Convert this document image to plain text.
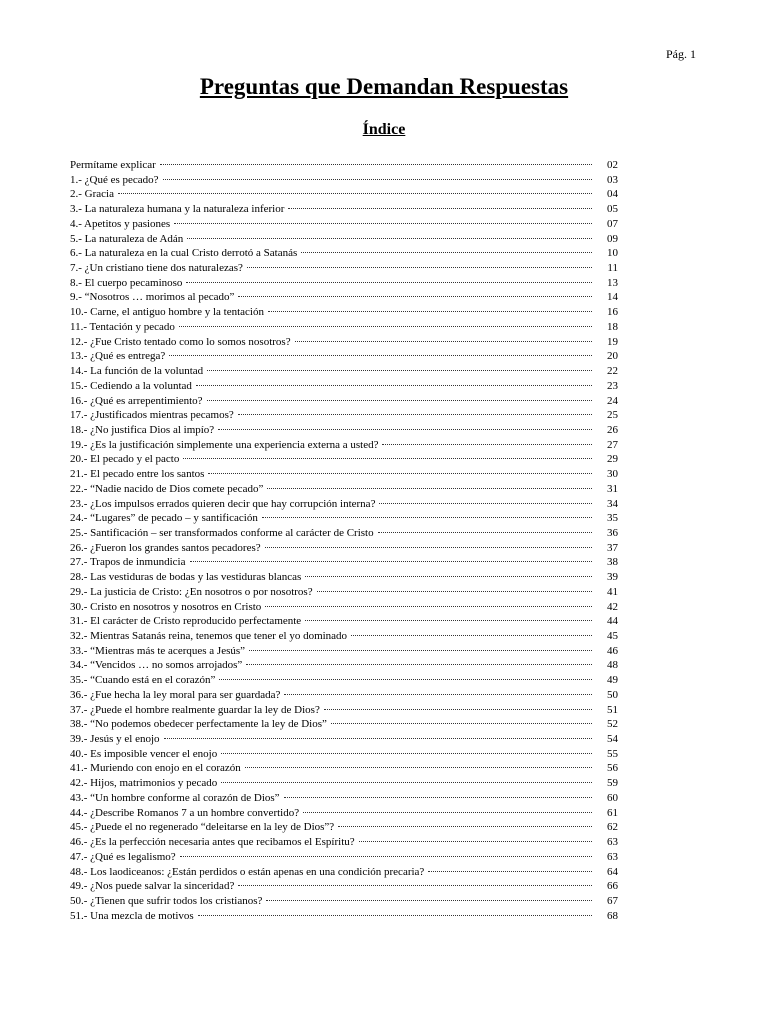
Pág. 1
Preguntas que Demandan Respuestas
Índice
Permítame explicar	02
1.- ¿Qué es pecado?	03
2.- Gracia	04
3.- La naturaleza humana y la naturaleza inferior	05
4.- Apetitos y pasiones	07
5.- La naturaleza de Adán	09
6.- La naturaleza en la cual Cristo derrotó a Satanás	10
7.- ¿Un cristiano tiene dos naturalezas?	11
8.- El cuerpo pecaminoso	13
9.- “Nosotros … morimos al pecado”	14
10.- Carne, el antiguo hombre y la tentación	16
11.- Tentación y pecado	18
12.- ¿Fue Cristo tentado como lo somos nosotros?	19
13.- ¿Qué es entrega?	20
14.- La función de la voluntad	22
15.- Cediendo a la voluntad	23
16.- ¿Qué es arrepentimiento?	24
17.- ¿Justificados mientras pecamos?	25
18.- ¿No justifica Dios al impío?	26
19.- ¿Es la justificación simplemente una experiencia externa a usted?	27
20.- El pecado y el pacto	29
21.- El pecado entre los santos	30
22.- “Nadie nacido de Dios comete pecado”	31
23.- ¿Los impulsos errados quieren decir que hay corrupción interna?	34
24.- “Lugares” de pecado – y santificación	35
25.- Santificación – ser transformados conforme al carácter de Cristo	36
26.- ¿Fueron los grandes santos pecadores?	37
27.- Trapos de inmundicia	38
28.- Las vestiduras de bodas y las vestiduras blancas	39
29.- La justicia de Cristo: ¿En nosotros o por nosotros?	41
30.- Cristo en nosotros y nosotros en Cristo	42
31.- El carácter de Cristo reproducido perfectamente	44
32.- Mientras Satanás reina, tenemos que tener el yo dominado	45
33.- “Mientras más te acerques a Jesús”	46
34.- “Vencidos … no somos arrojados”	48
35.- “Cuando está en el corazón”	49
36.- ¿Fue hecha la ley moral para ser guardada?	50
37.- ¿Puede el hombre realmente guardar la ley de Dios?	51
38.- “No podemos obedecer perfectamente la ley de Dios”	52
39.- Jesús y el enojo	54
40.- Es imposible vencer el enojo	55
41.- Muriendo con enojo en el corazón	56
42.- Hijos, matrimonios y pecado	59
43.- “Un hombre conforme al corazón de Dios”	60
44.- ¿Describe Romanos 7 a un hombre convertido?	61
45.- ¿Puede el no regenerado “deleitarse en la ley de Dios”?	62
46.- ¿Es la perfección necesaria antes que recibamos el Espíritu?	63
47.- ¿Qué es legalismo?	63
48.- Los laodiceanos: ¿Están perdidos o están apenas en una condición precaria?	64
49.- ¿Nos puede salvar la sinceridad?	66
50.- ¿Tienen que sufrir todos los cristianos?	67
51.- Una mezcla de motivos	68
